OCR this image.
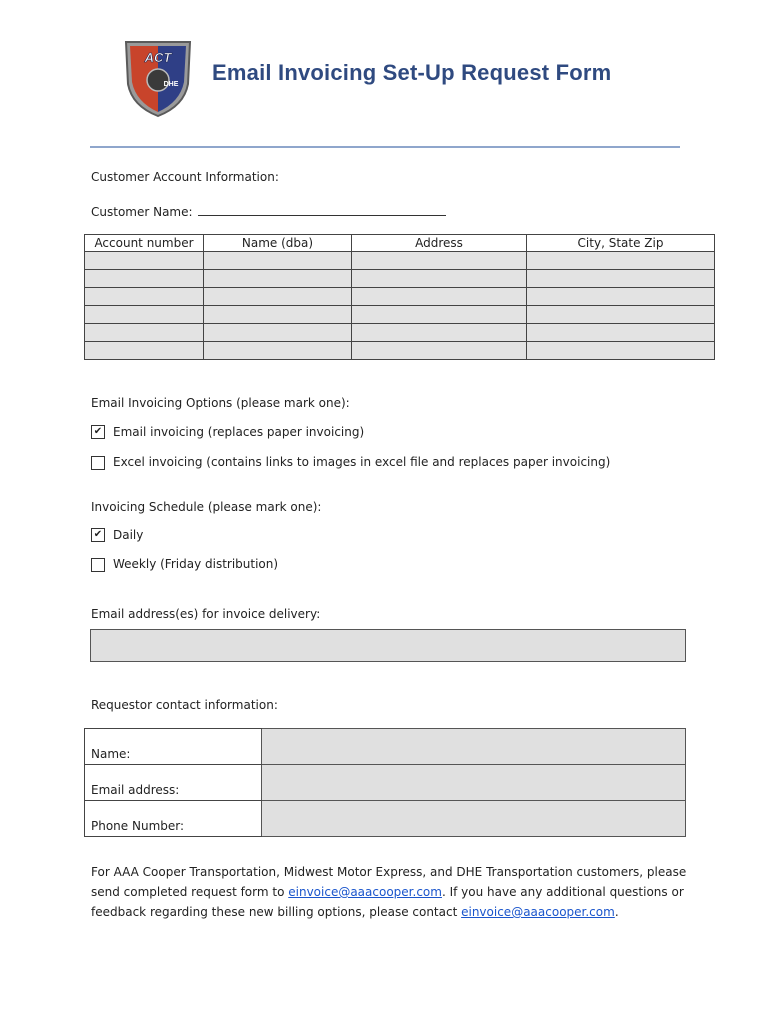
ACT
DHE Email Invoicing Set-Up Request Form
Customer Account Information:
Customer Name:
Account number	Name (dba)	Address	City, State Zip

Email Invoicing Options (please mark one):
✔ Email invoicing (replaces paper invoicing)
Excel invoicing (contains links to images in excel file and replaces paper invoicing)
Invoicing Schedule (please mark one):
✔ Daily
Weekly (Friday distribution)
Email address(es) for invoice delivery:
Requestor contact information:
Name:	
Email address:	
Phone Number:	
For AAA Cooper Transportation, Midwest Motor Express, and DHE Transportation customers, please send completed request form to einvoice@aaacooper.com. If you have any additional questions or feedback regarding these new billing options, please contact einvoice@aaacooper.com.
